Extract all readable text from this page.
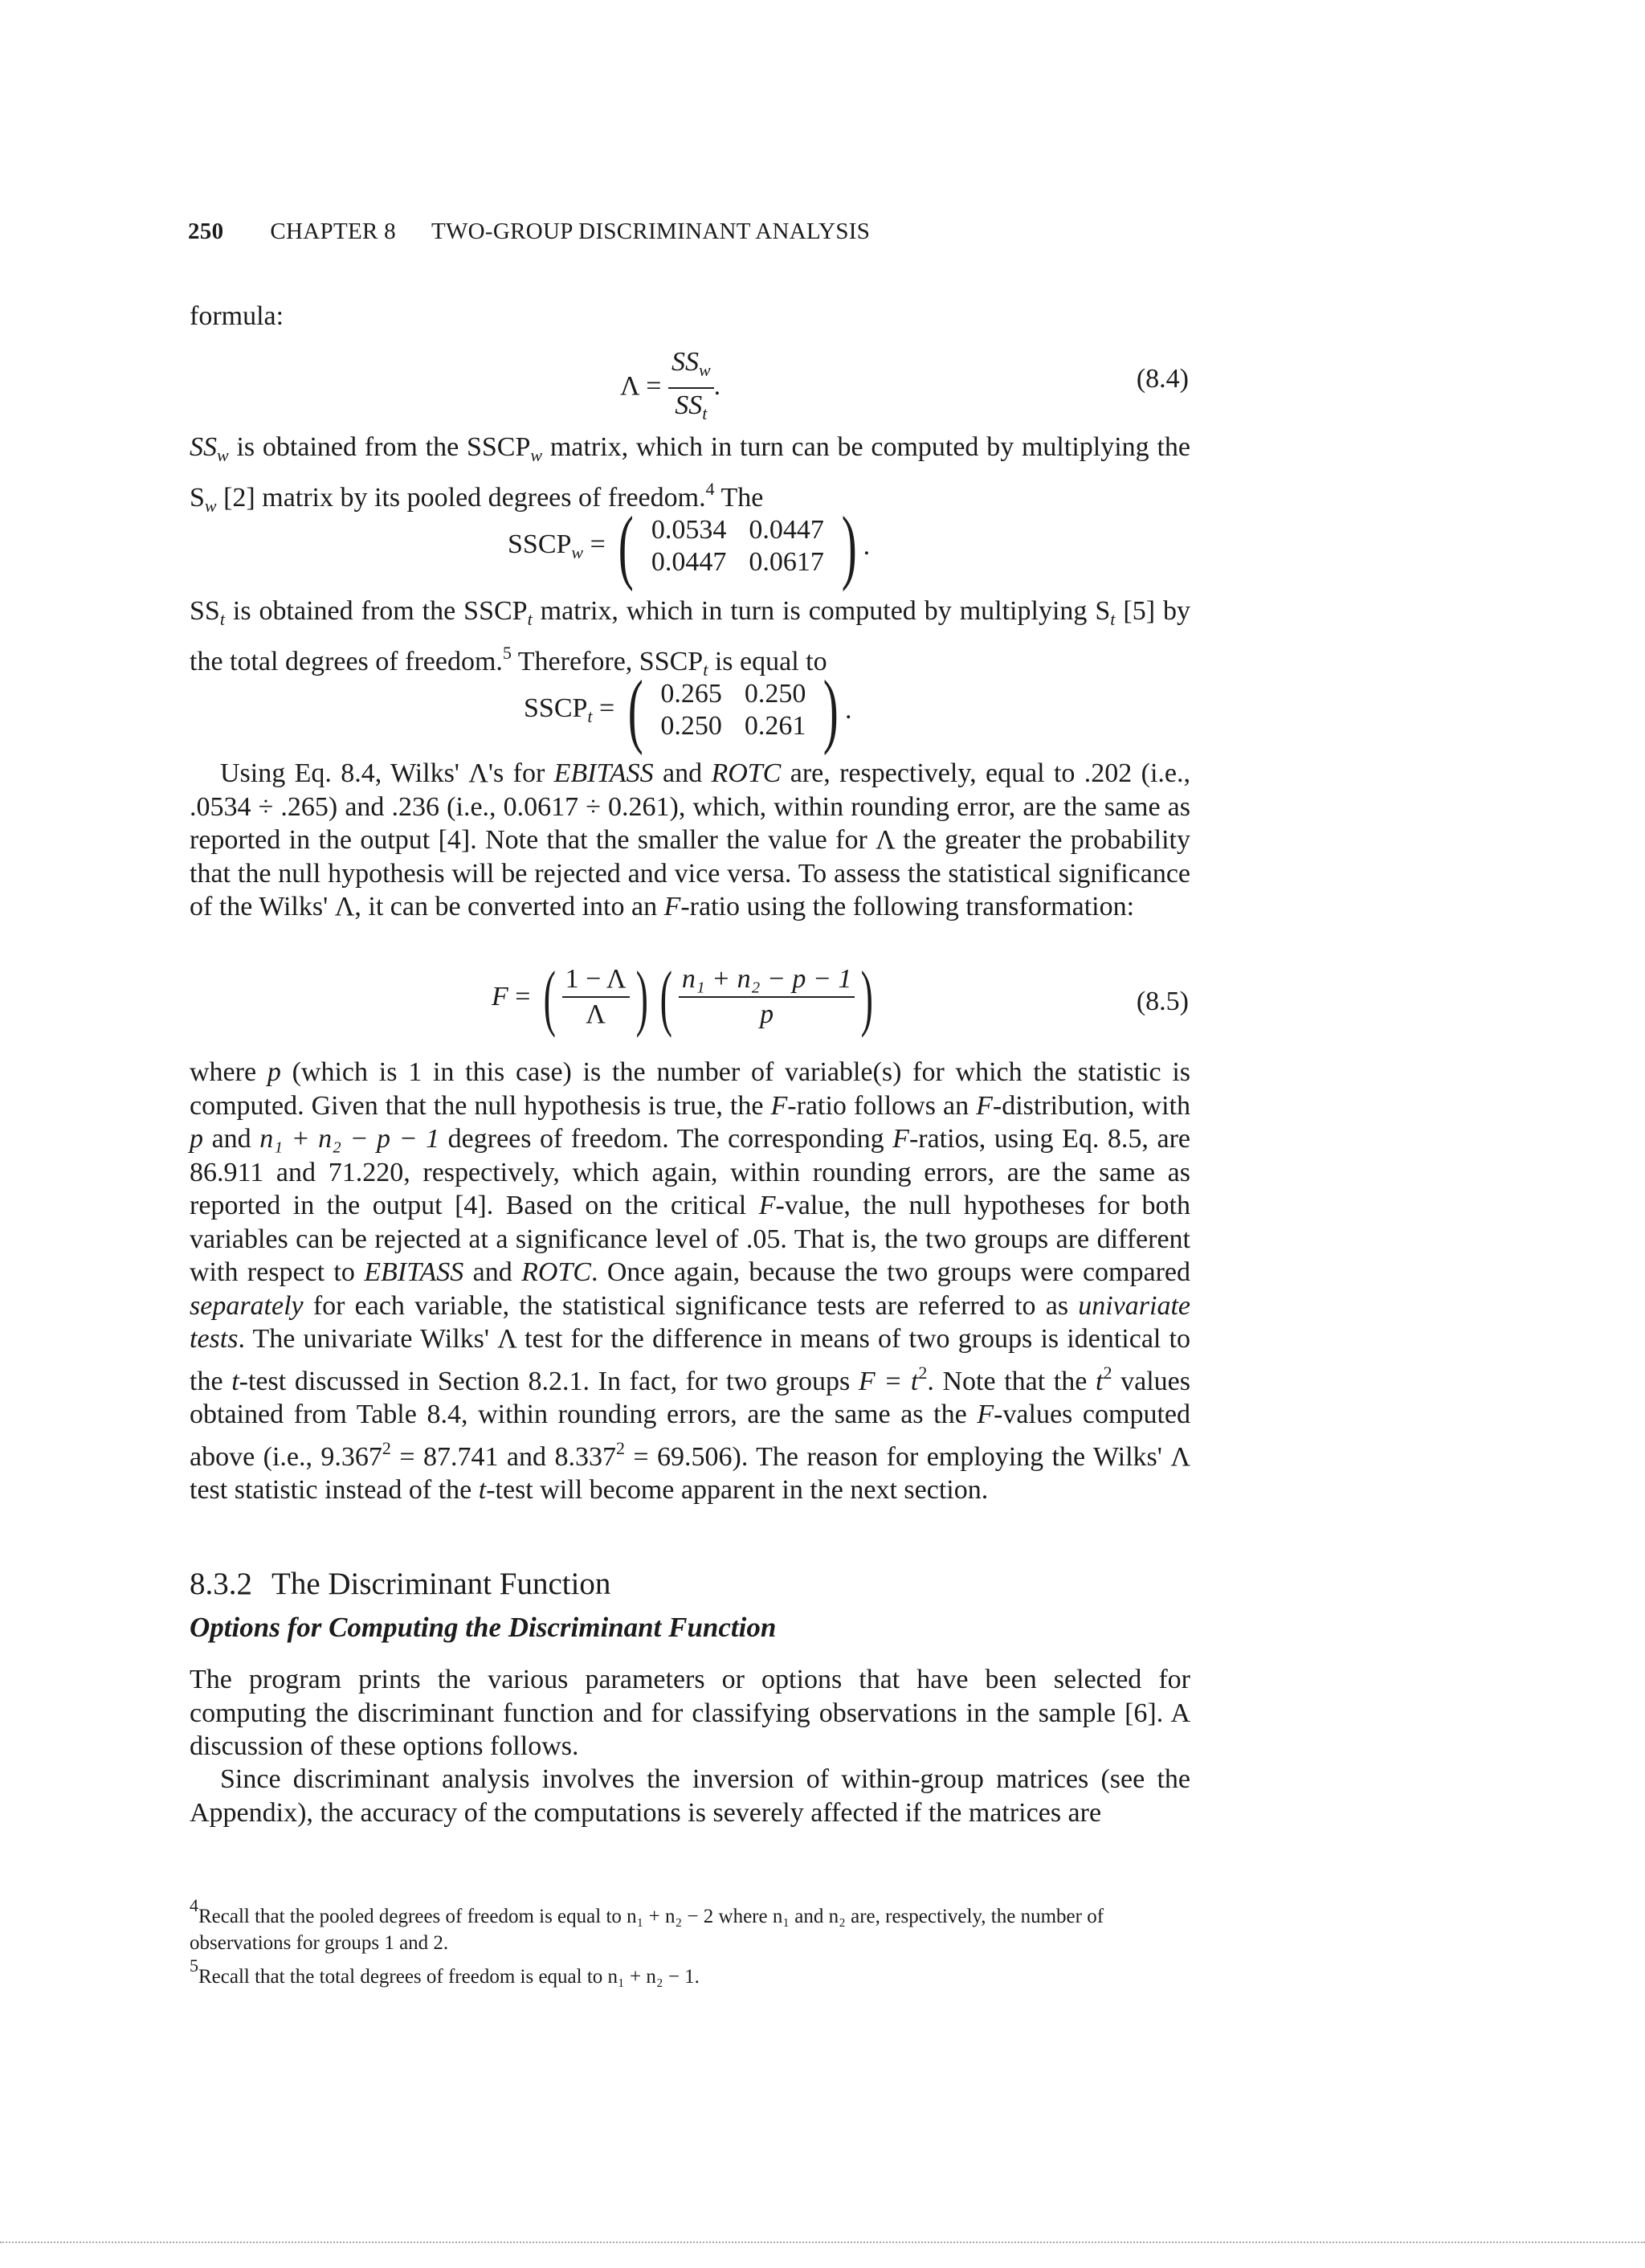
250 CHAPTER 8 TWO-GROUP DISCRIMINANT ANALYSIS

formula:

$\Lambda = \frac{SS_w}{SS_t}$ .	(8.4)

$SS_w$ is obtained from the $SSCP_w$ matrix, which in turn can be computed by multiplying the $S_w$ [2] matrix by its pooled degrees of freedom.$^4$ The

$SSCP_w$ = ( 0.0534	0.0447
0.0447	0.0617 ) .

$SS_t$ is obtained from the $SSCP_t$ matrix, which in turn is computed by multiplying $S_t$ [5] by the total degrees of freedom.$^5$ Therefore, $SSCP_t$ is equal to

$SSCP_t$ = ( 0.265	0.250
0.250	0.261 ) .

Using Eq. 8.4, Wilks' Λ's for EBITASS and ROTC are, respectively, equal to .202 (i.e., .0534 ÷ .265) and .236 (i.e., 0.0617 ÷ 0.261), which, within rounding error, are the same as reported in the output [4]. Note that the smaller the value for Λ the greater the probability that the null hypothesis will be rejected and vice versa. To assess the statistical significance of the Wilks' Λ, it can be converted into an F-ratio using the following transformation:

F = ( $\frac{1 - \Lambda}{\Lambda}$ ) ( $\frac{\text{n₁ + n₂ − p − 1}}{p}$ )	(8.5)

where p (which is 1 in this case) is the number of variable(s) for which the statistic is computed. Given that the null hypothesis is true, the F-ratio follows an F-distribution, with p and n₁ + n₂ − p − 1 degrees of freedom. The corresponding F-ratios, using Eq. 8.5, are 86.911 and 71.220, respectively, which again, within rounding errors, are the same as reported in the output [4]. Based on the critical F-value, the null hypotheses for both variables can be rejected at a significance level of .05. That is, the two groups are different with respect to EBITASS and ROTC. Once again, because the two groups were compared separately for each variable, the statistical significance tests are referred to as univariate tests. The univariate Wilks' Λ test for the difference in means of two groups is identical to the t-test discussed in Section 8.2.1. In fact, for two groups $F = t^2$. Note that the $t^2$ values obtained from Table 8.4, within rounding errors, are the same as the F-values computed above (i.e., $9.367^2 = 87.741$ and $8.337^2 = 69.506$). The reason for employing the Wilks' Λ test statistic instead of the t-test will become apparent in the next section.

8.3.2 The Discriminant Function
Options for Computing the Discriminant Function

The program prints the various parameters or options that have been selected for computing the discriminant function and for classifying observations in the sample [6]. A discussion of these options follows.

Since discriminant analysis involves the inversion of within-group matrices (see the Appendix), the accuracy of the computations is severely affected if the matrices are

4Recall that the pooled degrees of freedom is equal to n₁ + n₂ − 2 where n₁ and n₂ are, respectively, the number of observations for groups 1 and 2.
5Recall that the total degrees of freedom is equal to n₁ + n₂ − 1.
